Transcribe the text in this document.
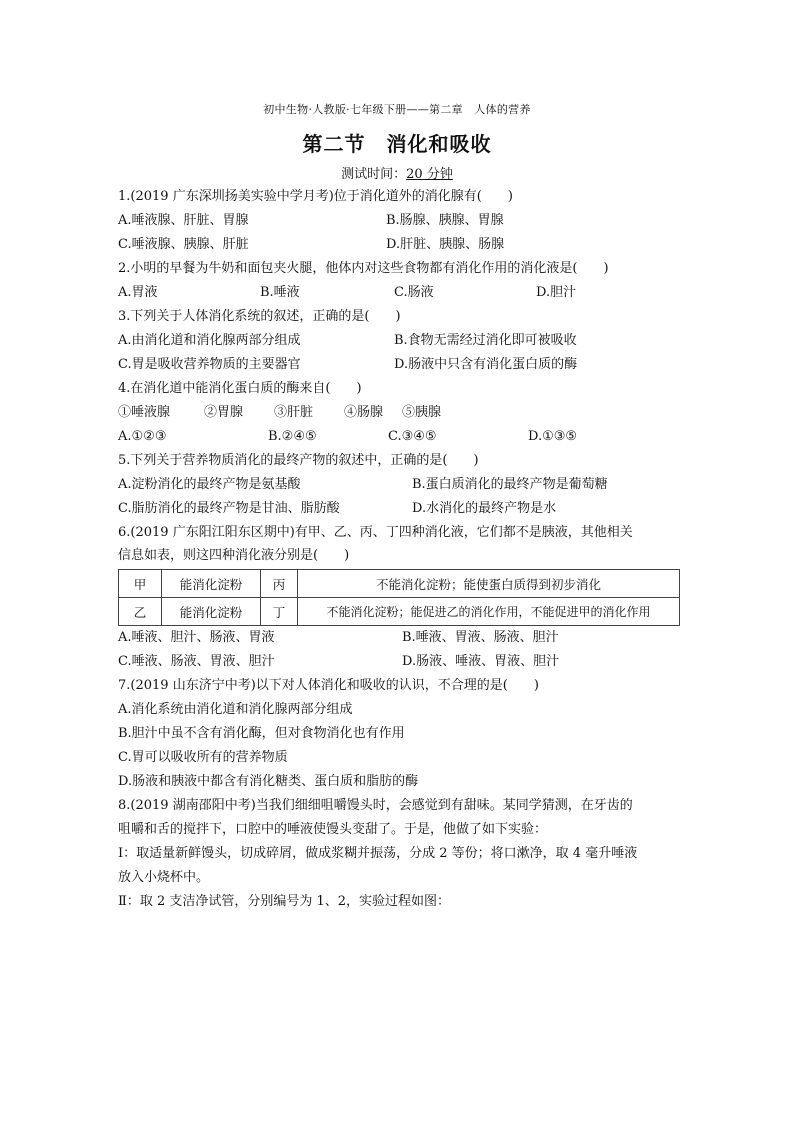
初中生物·人教版·七年级下册——第二章　人体的营养
第二节　消化和吸收
测试时间：20 分钟
1.(2019 广东深圳扬美实验中学月考)位于消化道外的消化腺有(　　)
A.唾液腺、肝脏、胃腺	B.肠腺、胰腺、胃腺
C.唾液腺、胰腺、肝脏	D.肝脏、胰腺、肠腺
2.小明的早餐为牛奶和面包夹火腿，他体内对这些食物都有消化作用的消化液是(　　)
A.胃液	B.唾液	C.肠液	D.胆汁
3.下列关于人体消化系统的叙述，正确的是(　　)
A.由消化道和消化腺两部分组成	B.食物无需经过消化即可被吸收
C.胃是吸收营养物质的主要器官	D.肠液中只含有消化蛋白质的酶
4.在消化道中能消化蛋白质的酶来自(　　)
①唾液腺	②胃腺 ③肝脏 ④肠腺 ⑤胰腺
A.①②③	B.②④⑤	C.③④⑤	D.①③⑤
5.下列关于营养物质消化的最终产物的叙述中，正确的是(　　)
A.淀粉消化的最终产物是氨基酸	B.蛋白质消化的最终产物是葡萄糖
C.脂肪消化的最终产物是甘油、脂肪酸	D.水消化的最终产物是水
6.(2019 广东阳江阳东区期中)有甲、乙、丙、丁四种消化液，它们都不是胰液，其他相关
信息如表，则这四种消化液分别是(　　)
甲	能消化淀粉	丙	不能消化淀粉；能使蛋白质得到初步消化
乙	能消化淀粉	丁	不能消化淀粉；能促进乙的消化作用，不能促进甲的消化作用
A.唾液、胆汁、肠液、胃液	B.唾液、胃液、肠液、胆汁
C.唾液、肠液、胃液、胆汁	D.肠液、唾液、胃液、胆汁
7.(2019 山东济宁中考)以下对人体消化和吸收的认识，不合理的是(　　)
A.消化系统由消化道和消化腺两部分组成
B.胆汁中虽不含有消化酶，但对食物消化也有作用
C.胃可以吸收所有的营养物质
D.肠液和胰液中都含有消化糖类、蛋白质和脂肪的酶
8.(2019 湖南邵阳中考)当我们细细咀嚼馒头时，会感觉到有甜味。某同学猜测，在牙齿的
咀嚼和舌的搅拌下，口腔中的唾液使馒头变甜了。于是，他做了如下实验：
Ⅰ：取适量新鲜馒头，切成碎屑，做成浆糊并振荡，分成 2 等份；将口漱净，取 4 毫升唾液
放入小烧杯中。
Ⅱ：取 2 支洁净试管，分别编号为 1、2，实验过程如图：
